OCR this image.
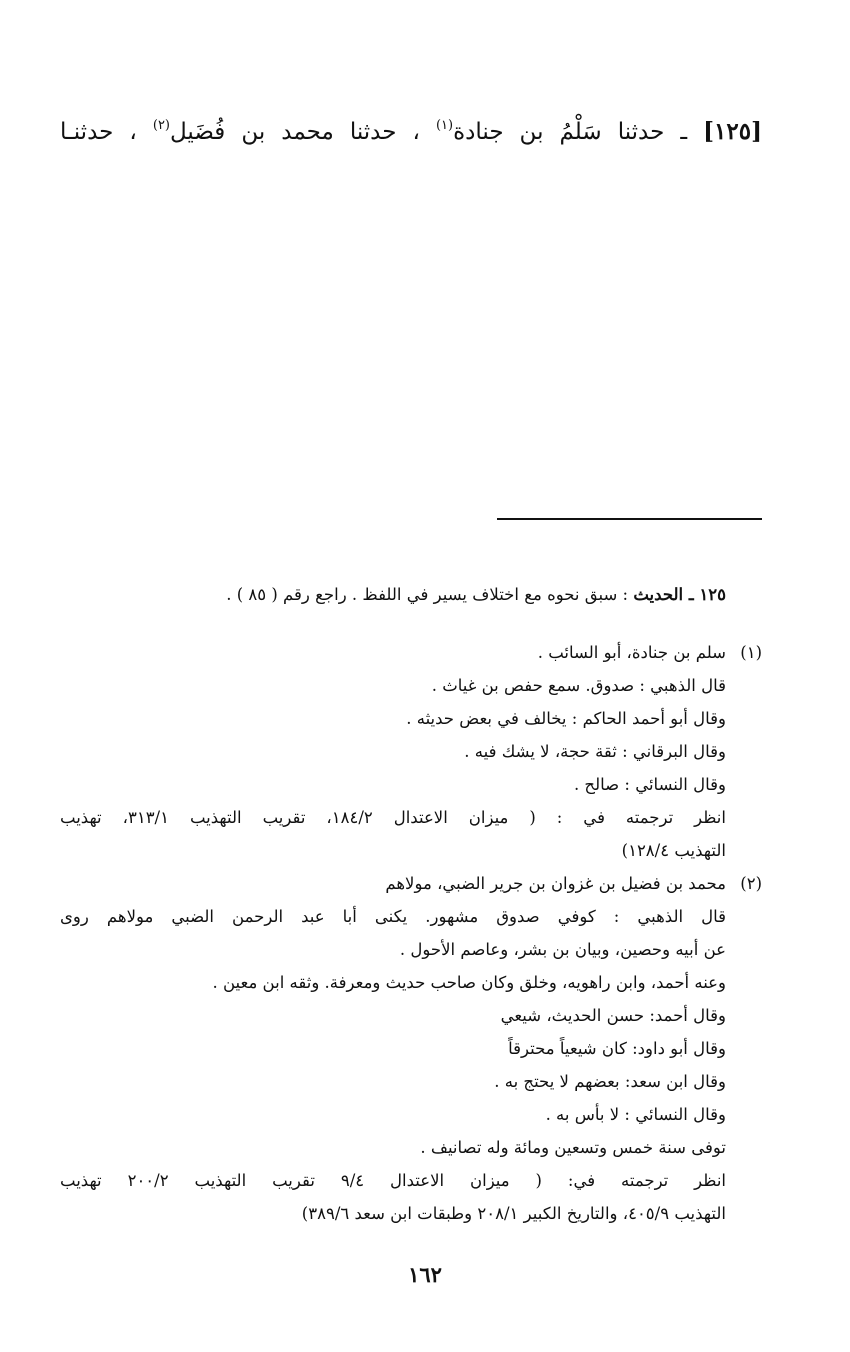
[١٢٥] ـ حدثنا سَلْمُ بن جنادة$^{(١)}$ ، حدثنا محمد بن فُضَيل$^{(٢)}$ ، حدثنـا
١٢٥ ـ الحديث : سبق نحوه مع اختلاف يسير في اللفظ . راجع رقم ( ٨٥ ) .
(١)سلم بن جنادة، أبو السائب .
قال الذهبي : صدوق. سمع حفص بن غياث .
وقال أبو أحمد الحاكم : يخالف في بعض حديثه .
وقال البرقاني : ثقة حجة، لا يشك فيه .
وقال النسائي : صالح .
انظر ترجمته في : ( ميزان الاعتدال ١٨٤/٢، تقريب التهذيب ٣١٣/١، تهذيب
التهذيب ١٢٨/٤)
(٢)محمد بن فضيل بن غزوان بن جرير الضبي، مولاهم
قال الذهبي : كوفي صدوق مشهور. يكنى أبا عبد الرحمن الضبي مولاهم روى
عن أبيه وحصين، وبيان بن بشر، وعاصم الأحول .
وعنه أحمد، وابن راهويه، وخلق وكان صاحب حديث ومعرفة. وثقه ابن معين .
وقال أحمد: حسن الحديث، شيعي
وقال أبو داود: كان شيعياً محترقاً
وقال ابن سعد: بعضهم لا يحتج به .
وقال النسائي : لا بأس به .
توفى سنة خمس وتسعين ومائة وله تصانيف .
انظر ترجمته في: ( ميزان الاعتدال ٩/٤ تقريب التهذيب ٢٠٠/٢ تهذيب
التهذيب ٤٠٥/٩، والتاريخ الكبير ٢٠٨/١ وطبقات ابن سعد ٣٨٩/٦)
١٦٢
